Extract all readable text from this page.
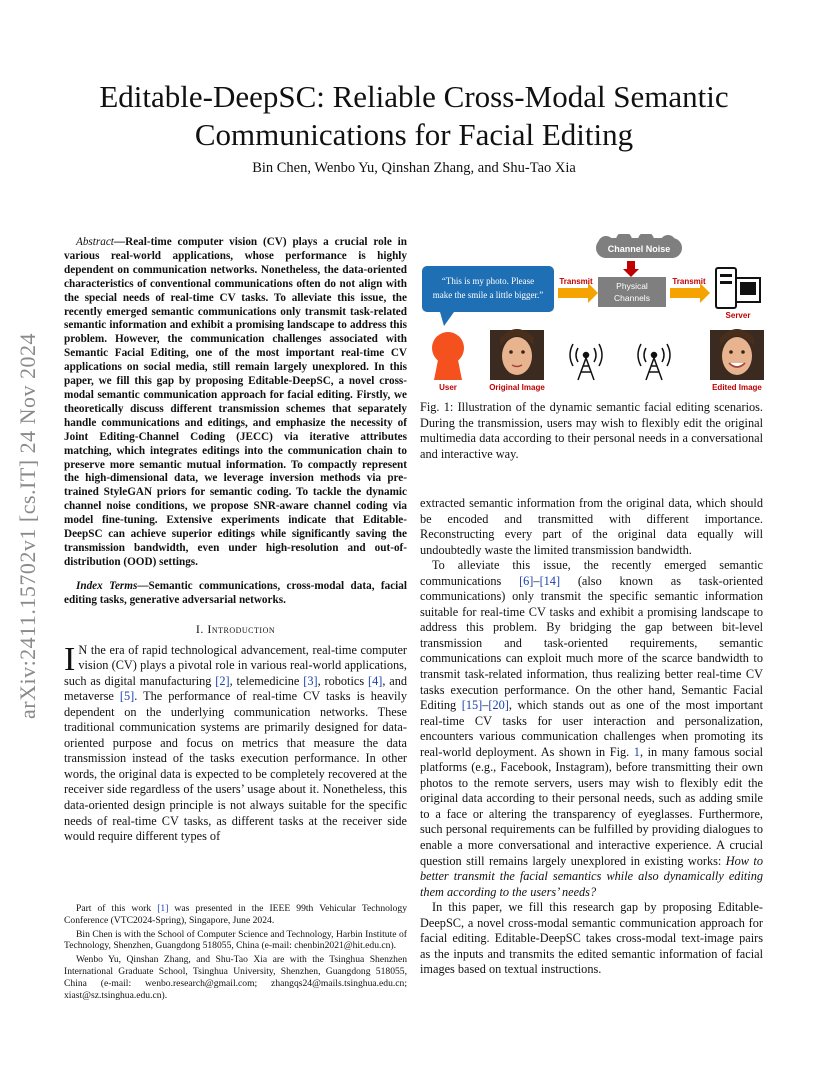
arXiv:2411.15702v1 [cs.IT] 24 Nov 2024
Editable-DeepSC: Reliable Cross-Modal Semantic
Communications for Facial Editing
Bin Chen, Wenbo Yu, Qinshan Zhang, and Shu-Tao Xia

Abstract—Real-time computer vision (CV) plays a crucial role in various real-world applications, whose performance is highly dependent on communication networks. Nonetheless, the data-oriented characteristics of conventional communications often do not align with the special needs of real-time CV tasks. To alleviate this issue, the recently emerged semantic communications only transmit task-related semantic information and exhibit a promising landscape to address this problem. However, the communication challenges associated with Semantic Facial Editing, one of the most important real-time CV applications on social media, still remain largely unexplored. In this paper, we fill this gap by proposing Editable-DeepSC, a novel cross-modal semantic communication approach for facial editing. Firstly, we theoretically discuss different transmission schemes that separately handle communications and editings, and emphasize the necessity of Joint Editing-Channel Coding (JECC) via iterative attributes matching, which integrates editings into the communication chain to preserve more semantic mutual information. To compactly represent the high-dimensional data, we leverage inversion methods via pre-trained StyleGAN priors for semantic coding. To tackle the dynamic channel noise conditions, we propose SNR-aware channel coding via model fine-tuning. Extensive experiments indicate that Editable-DeepSC can achieve superior editings while significantly saving the transmission bandwidth, even under high-resolution and out-of-distribution (OOD) settings.

Index Terms—Semantic communications, cross-modal data, facial editing tasks, generative adversarial networks.

I. Introduction

I N the era of rapid technological advancement, real-time computer vision (CV) plays a pivotal role in various real-world applications, such as digital manufacturing [2], telemedicine [3], robotics [4], and metaverse [5]. The performance of real-time CV tasks is heavily dependent on the underlying communication networks. These traditional communication systems are primarily designed for data-oriented purpose and focus on metrics that measure the data transmission instead of the tasks execution performance. In other words, the original data is expected to be completely recovered at the receiver side regardless of the users’ usage about it. Nonetheless, this data-oriented design principle is not always suitable for the specific needs of real-time CV tasks, as different tasks at the receiver side would require different types of

Part of this work [1] was presented in the IEEE 99th Vehicular Technology Conference (VTC2024-Spring), Singapore, June 2024.

Bin Chen is with the School of Computer Science and Technology, Harbin Institute of Technology, Shenzhen, Guangdong 518055, China (e-mail: chenbin2021@hit.edu.cn).

Wenbo Yu, Qinshan Zhang, and Shu-Tao Xia are with the Tsinghua Shenzhen International Graduate School, Tsinghua University, Shenzhen, Guangdong 518055, China (e-mail: wenbo.research@gmail.com; zhangqs24@mails.tsinghua.edu.cn; xiast@sz.tsinghua.edu.cn).

Channel Noise
“This is my photo. Please
make the smile a little bigger.”
Transmit	Physical
Channels
Transmit
Server
User	Original Image	Edited Image

Fig. 1: Illustration of the dynamic semantic facial editing scenarios. During the transmission, users may wish to flexibly edit the original multimedia data according to their personal needs in a conversational and interactive way.

extracted semantic information from the original data, which should be encoded and transmitted with different importance. Reconstructing every part of the original data equally will undoubtedly waste the limited transmission bandwidth.

To alleviate this issue, the recently emerged semantic communications [6]–[14] (also known as task-oriented communications) only transmit the specific semantic information suitable for real-time CV tasks and exhibit a promising landscape to address this problem. By bridging the gap between bit-level transmission and task-oriented requirements, semantic communications can exploit much more of the scarce bandwidth to transmit task-related information, thus realizing better real-time CV tasks execution performance. On the other hand, Semantic Facial Editing [15]–[20], which stands out as one of the most important real-time CV tasks for user interaction and personalization, encounters various communication challenges when promoting its real-world deployment. As shown in Fig. 1, in many famous social platforms (e.g., Facebook, Instagram), before transmitting their own photos to the remote servers, users may wish to flexibly edit the original data according to their personal needs, such as adding smile to a face or altering the transparency of eyeglasses. Furthermore, such personal requirements can be fulfilled by providing dialogues to enable a more conversational and interactive experience. A crucial question still remains largely unexplored in existing works: How to better transmit the facial semantics while also dynamically editing them according to the users’ needs?

In this paper, we fill this research gap by proposing Editable-DeepSC, a novel cross-modal semantic communication approach for facial editing. Editable-DeepSC takes cross-modal text-image pairs as the inputs and transmits the edited semantic information of facial images based on textual instructions.
